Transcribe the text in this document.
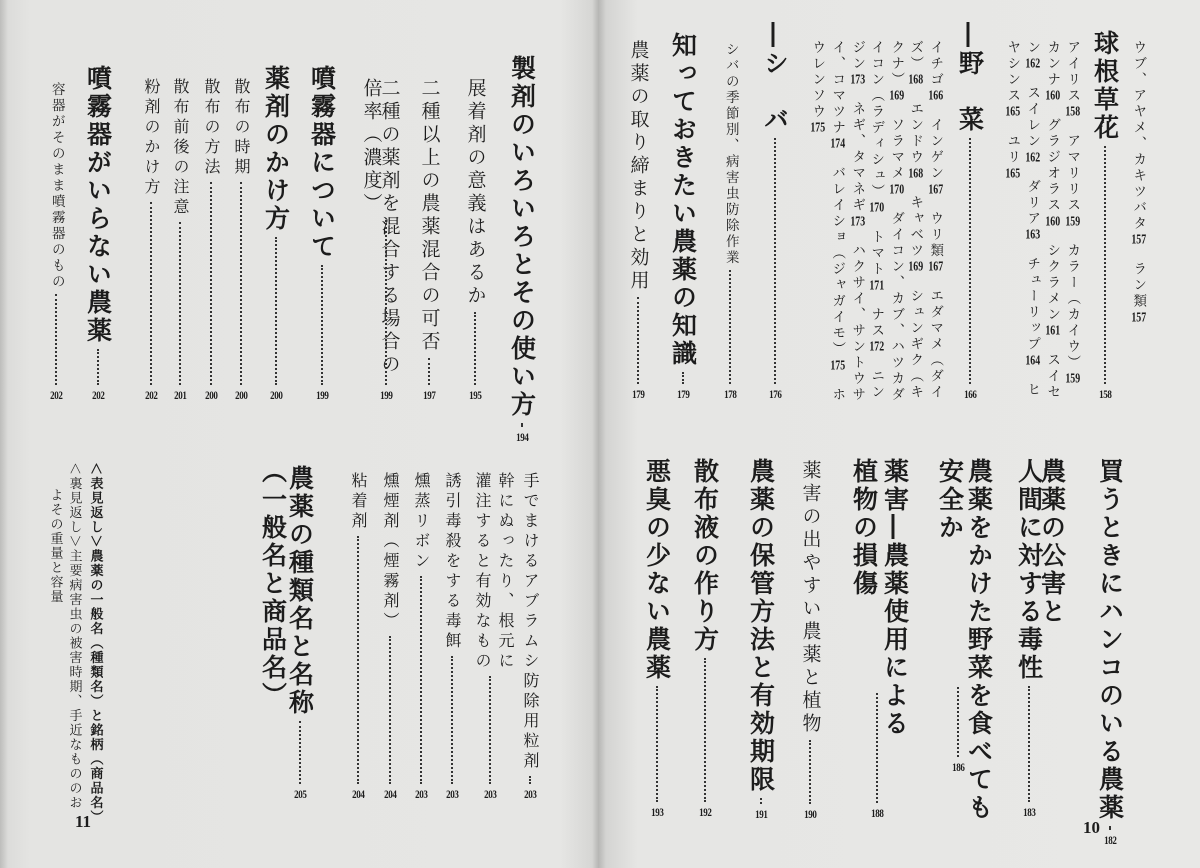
製剤のいろいろとその使い方
194
展着剤の意義はあるか
195
二種以上の農薬混合の可否
197
二種の薬剤を混合する場合の
倍率（濃度）
199
噴霧器について
199
薬剤のかけ方
200
散布の時期
200
散布の方法
200
散布前後の注意
201
粉剤のかけ方
202
噴霧器がいらない農薬
202
容器がそのまま噴霧器のもの
202
手でまけるアブラムシ防除用粒剤
203
幹にぬったり、根元に
灌注すると有効なもの
203
誘引毒殺をする毒餌
203
燻蒸リボン
203
燻煙剤（煙霧剤）
204
粘着剤
204
農薬の種類名と名称
205
（一般名と商品名）
＜表見返し＞農薬の一般名（種類名）と銘柄（商品名）
＜裏見返し＞主要病害虫の被害時期、手近なもののお
よその重量と容量
11
ウブ、アヤメ、カキツバタ157　ラン類157
球根草花
158
アイリス158　アマリリス159　カラー（カイウ）159
カンナ160　グラジオラス160　シクラメン161　スイセ
ン162　スイレン162　ダリア163　チューリップ164　ヒ
ヤシンス165　ユリ165
―野　菜
166
イチゴ166　インゲン167　ウリ類167　エダマメ（ダイ
ズ）168　エンドウ168　キャベツ169　シュンギク（キ
クナ）169　ソラマメ170　ダイコン、カブ、ハツカダ
イコン（ラディシュ）170　トマト171　ナス172　ニン
ジン173　ネギ、タマネギ173　ハクサイ、サントウサ
イ、コマツナ174　バレイショ（ジャガイモ）175　ホ
ウレンソウ175
―シ　バ
176
シバの季節別、病害虫防除作業
178
知っておきたい農薬の知識
179
農薬の取り締まりと効用
179
買うときにハンコのいる農薬
182
農薬の公害と
人間に対する毒性
183
農薬をかけた野菜を食べても
安全か
186
薬害―農薬使用による
植物の損傷
188
薬害の出やすい農薬と植物
190
農薬の保管方法と有効期限
191
散布液の作り方
192
悪臭の少ない農薬
193
10
